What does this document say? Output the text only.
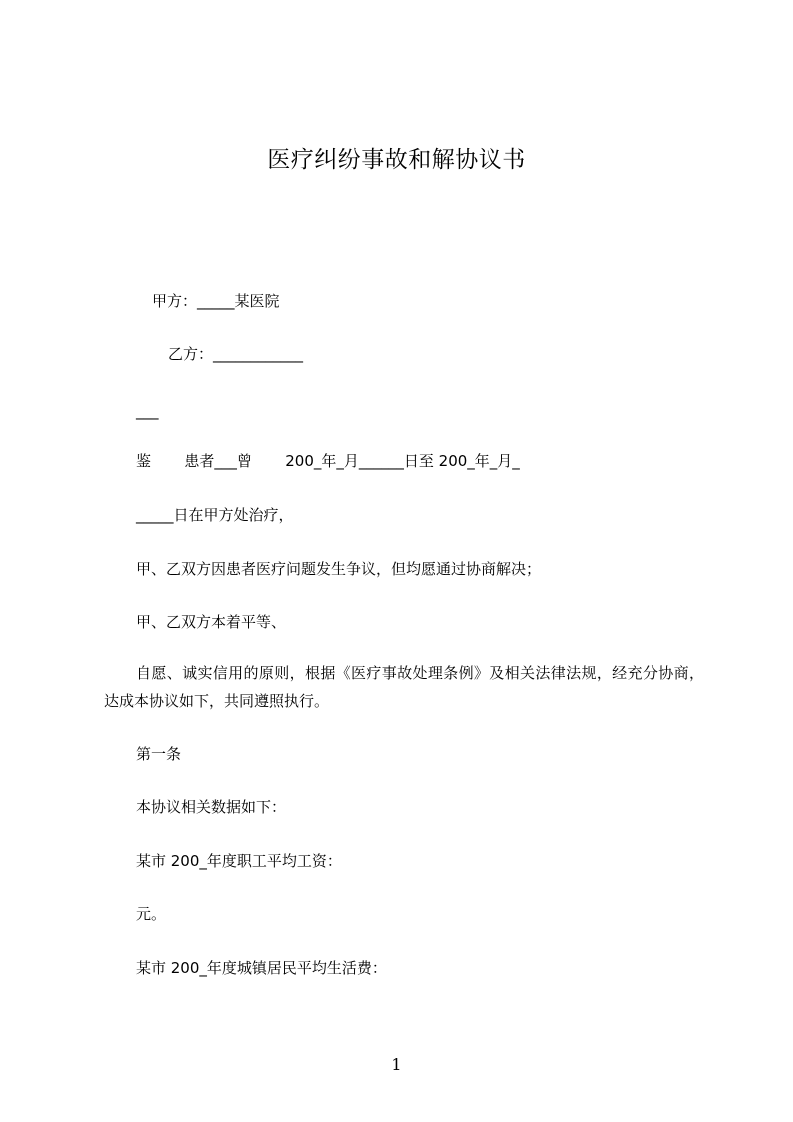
医疗纠纷事故和解协议书
甲方：_____某医院
乙方：____________
___
鉴       患者___曾       200_年_月______日至 200_年_月_
_____日在甲方处治疗，
甲、乙双方因患者医疗问题发生争议，但均愿通过协商解决；
甲、乙双方本着平等、
自愿、诚实信用的原则，根据《医疗事故处理条例》及相关法律法规，经充分协商，达成本协议如下，共同遵照执行。
第一条
本协议相关数据如下：
某市 200_年度职工平均工资：
元。
某市 200_年度城镇居民平均生活费：
1
